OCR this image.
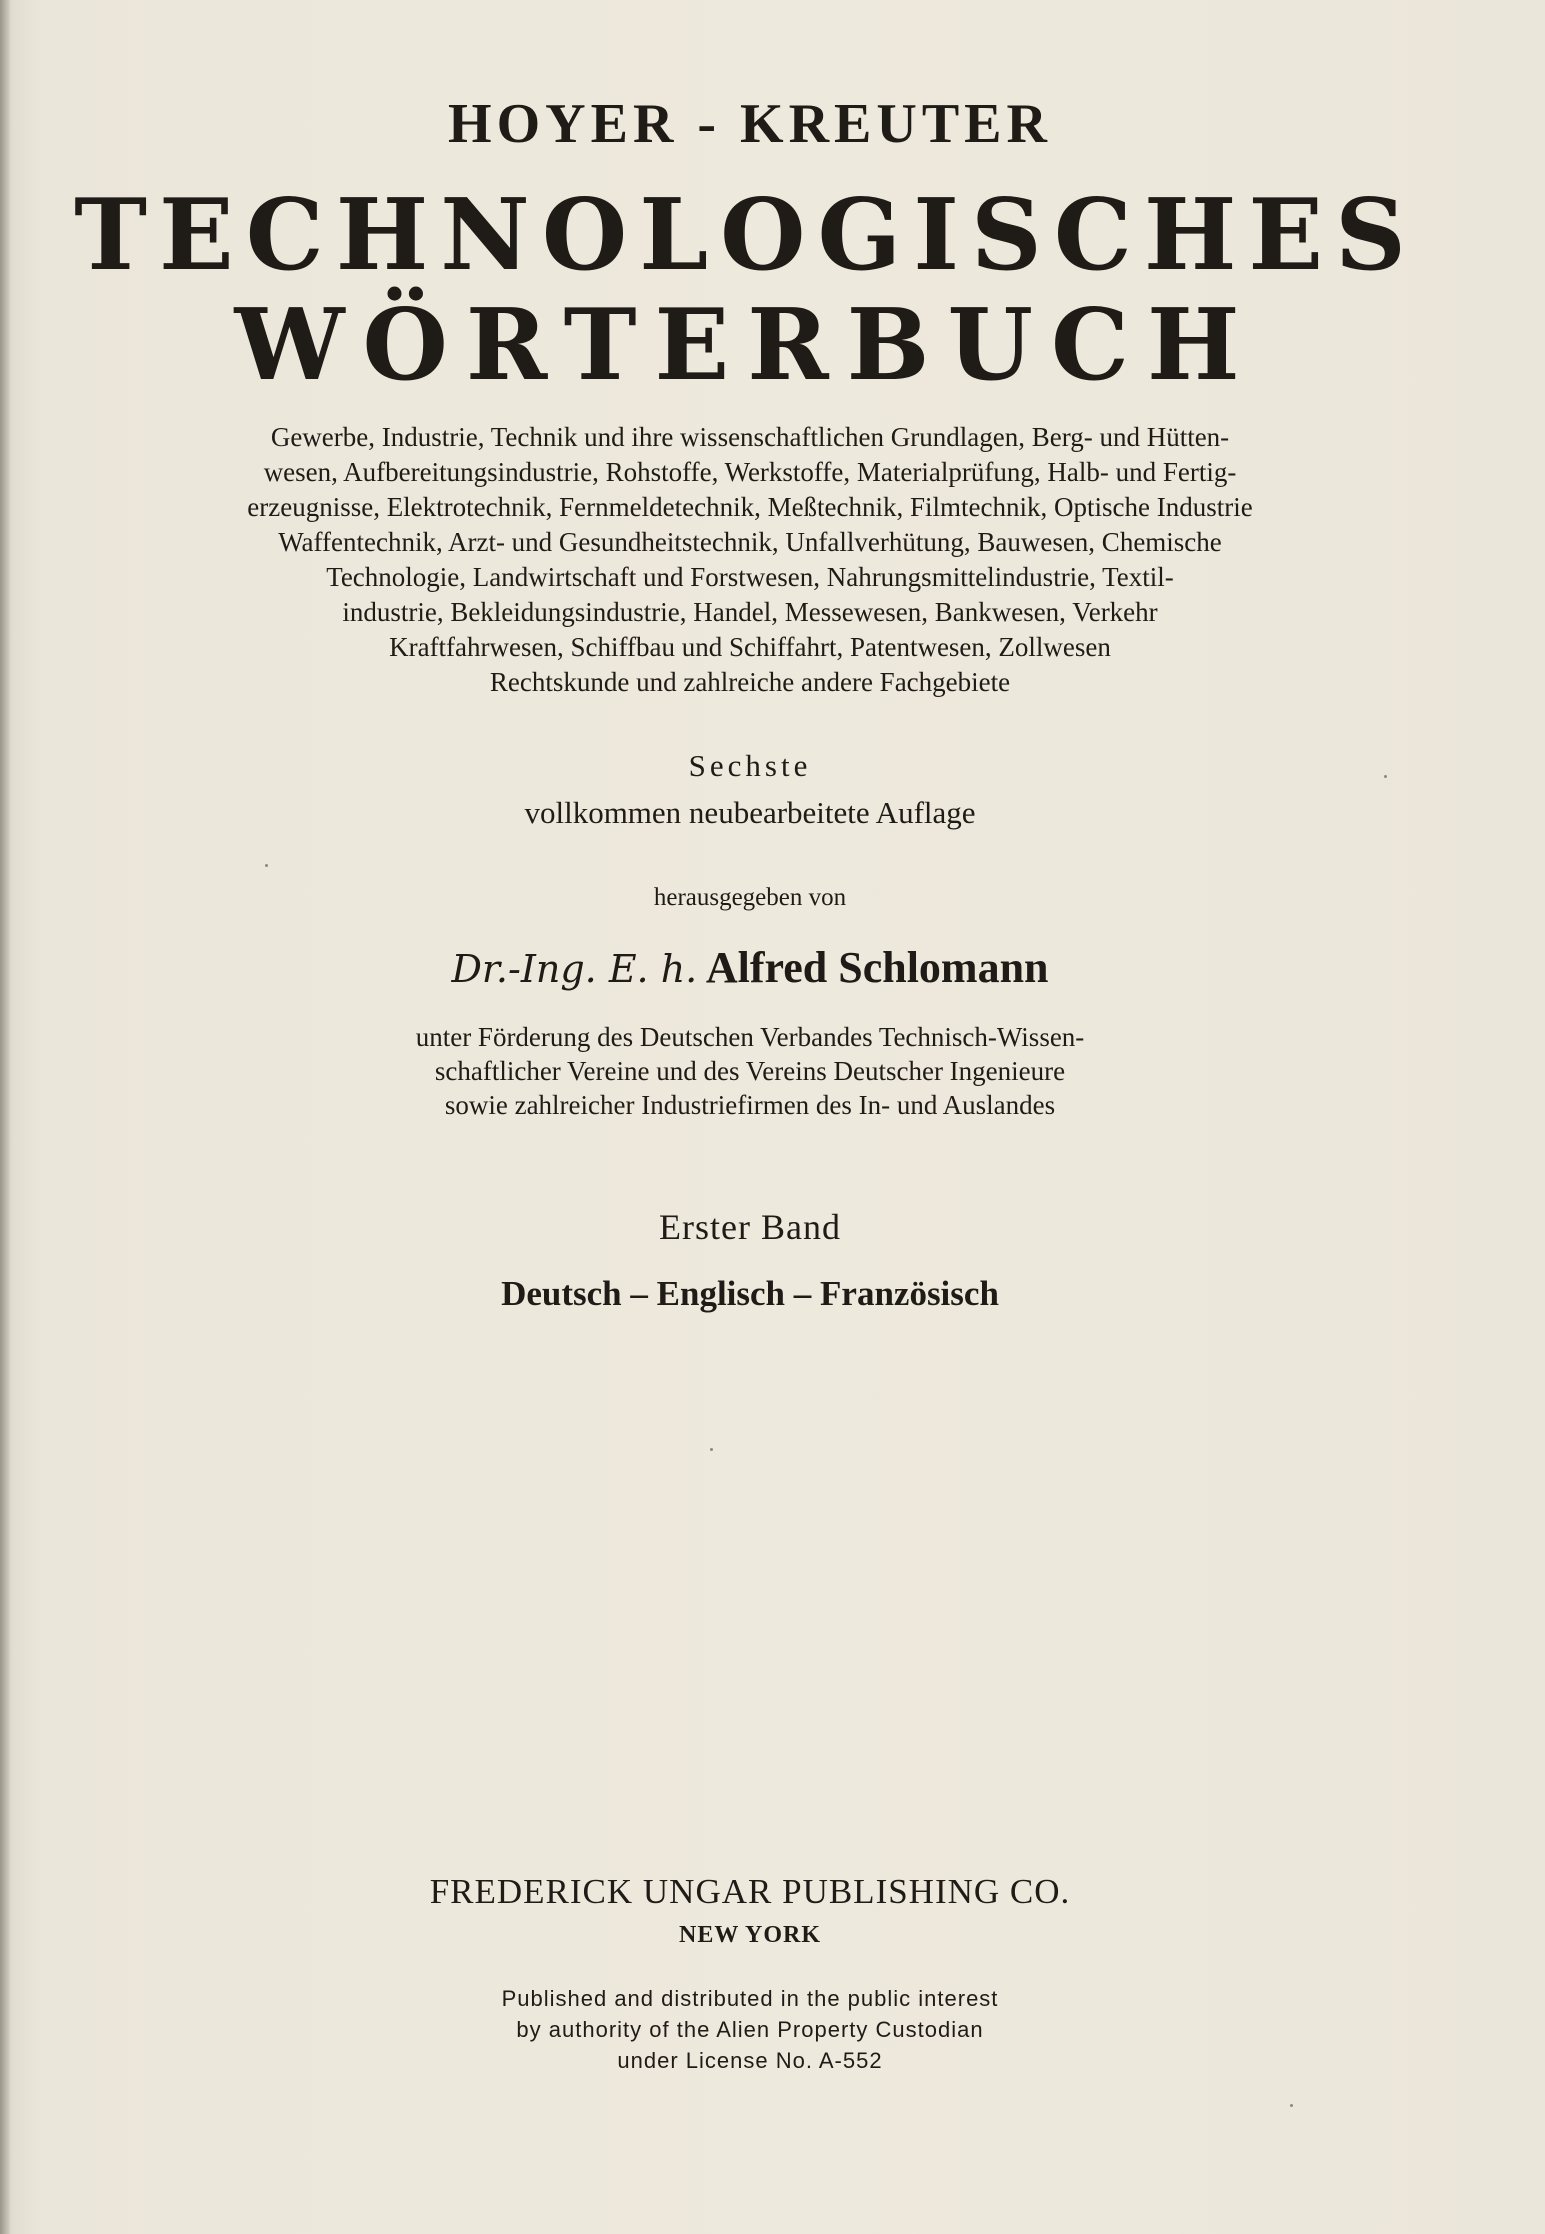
HOYER - KREUTER
TECHNOLOGISCHES
WÖRTERBUCH
Gewerbe, Industrie, Technik und ihre wissenschaftlichen Grundlagen, Berg- und Hütten-
wesen, Aufbereitungsindustrie, Rohstoffe, Werkstoffe, Materialprüfung, Halb- und Fertig-
erzeugnisse, Elektrotechnik, Fernmeldetechnik, Meßtechnik, Filmtechnik, Optische Industrie
Waffentechnik, Arzt- und Gesundheitstechnik, Unfallverhütung, Bauwesen, Chemische
Technologie, Landwirtschaft und Forstwesen, Nahrungsmittelindustrie, Textil-
industrie, Bekleidungsindustrie, Handel, Messewesen, Bankwesen, Verkehr
Kraftfahrwesen, Schiffbau und Schiffahrt, Patentwesen, Zollwesen
Rechtskunde und zahlreiche andere Fachgebiete
Sechste
vollkommen neubearbeitete Auflage
herausgegeben von
Dr.-Ing. E. h. Alfred Schlomann
unter Förderung des Deutschen Verbandes Technisch-Wissen-
schaftlicher Vereine und des Vereins Deutscher Ingenieure
sowie zahlreicher Industriefirmen des In- und Auslandes
Erster Band
Deutsch – Englisch – Französisch
FREDERICK UNGAR PUBLISHING CO.
NEW YORK
Published and distributed in the public interest
by authority of the Alien Property Custodian
under License No. A-552
